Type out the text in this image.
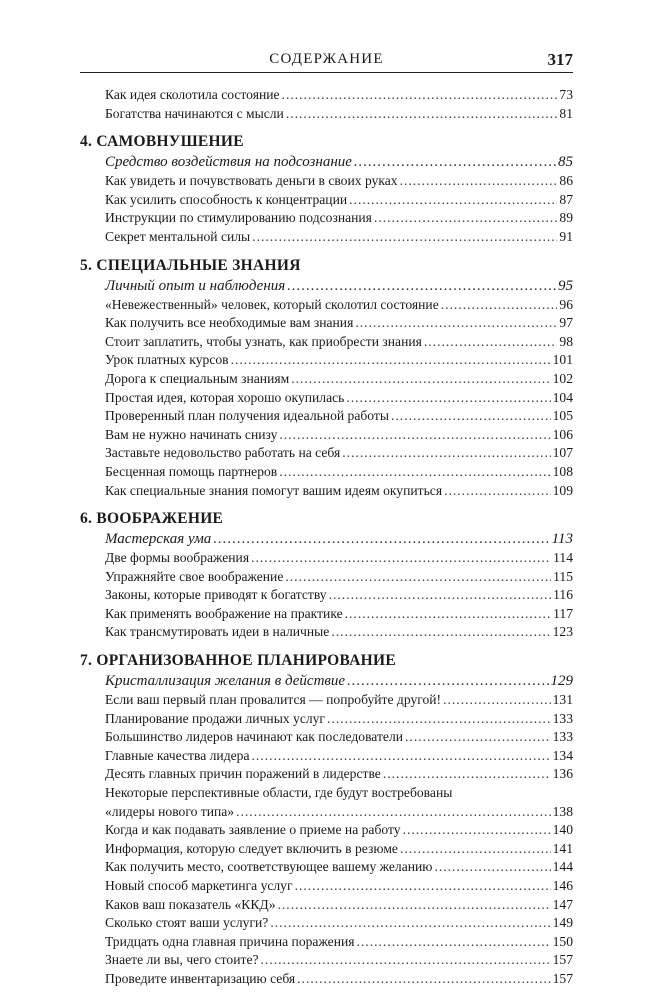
СОДЕРЖАНИЕ	317
Как идея сколотила состояние .....	73
Богатства начинаются с мысли .....	81
4. САМОВНУШЕНИЕ
Средство воздействия на подсознание .....	85
Как увидеть и почувствовать деньги в своих руках .....	86
Как усилить способность к концентрации .....	87
Инструкции по стимулированию подсознания .....	89
Секрет ментальной силы .....	91
5. СПЕЦИАЛЬНЫЕ ЗНАНИЯ
Личный опыт и наблюдения .....	95
«Невежественный» человек, который сколотил состояние .....	96
Как получить все необходимые вам знания .....	97
Стоит заплатить, чтобы узнать, как приобрести знания .....	98
Урок платных курсов .....	101
Дорога к специальным знаниям .....	102
Простая идея, которая хорошо окупилась .....	104
Проверенный план получения идеальной работы .....	105
Вам не нужно начинать снизу .....	106
Заставьте недовольство работать на себя .....	107
Бесценная помощь партнеров .....	108
Как специальные знания помогут вашим идеям окупиться .....	109
6. ВООБРАЖЕНИЕ
Мастерская ума .....	113
Две формы воображения .....	114
Упражняйте свое воображение .....	115
Законы, которые приводят к богатству .....	116
Как применять воображение на практике .....	117
Как трансмутировать идеи в наличные .....	123
7. ОРГАНИЗОВАННОЕ ПЛАНИРОВАНИЕ
Кристаллизация желания в действие .....	129
Если ваш первый план провалится — попробуйте другой! .....	131
Планирование продажи личных услуг .....	133
Большинство лидеров начинают как последователи .....	133
Главные качества лидера .....	134
Десять главных причин поражений в лидерстве .....	136
Некоторые перспективные области, где будут востребованы
«лидеры нового типа» .....	138
Когда и как подавать заявление о приеме на работу .....	140
Информация, которую следует включить в резюме .....	141
Как получить место, соответствующее вашему желанию .....	144
Новый способ маркетинга услуг .....	146
Каков ваш показатель «ККД» .....	147
Сколько стоят ваши услуги? .....	149
Тридцать одна главная причина поражения .....	150
Знаете ли вы, чего стоите? .....	157
Проведите инвентаризацию себя .....	157
